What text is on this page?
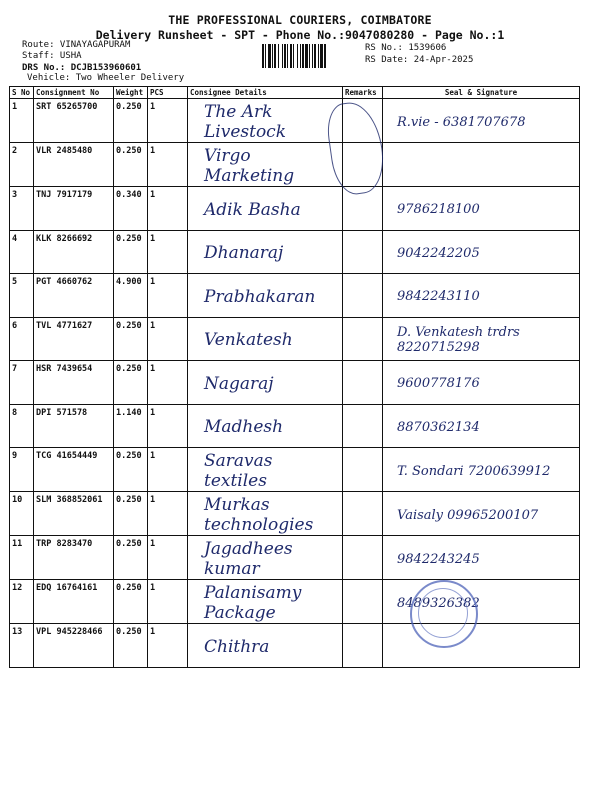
THE PROFESSIONAL COURIERS, COIMBATORE
Delivery Runsheet - SPT - Phone No.:9047080280 - Page No.:1
Route: VINAYAGAPURAM
Staff: USHA
DRS No.: DCJB153960601
Vehicle: Two Wheeler Delivery
RS No.: 1539606
RS Date: 24-Apr-2025
S No	Consignment No	Weight	PCS	Consignee Details	Remarks	Seal & Signature
1	SRT 65265700	0.250	1	The Ark Livestock		R.vie - 6381707678
2	VLR 2485480	0.250	1	Virgo Marketing		
3	TNJ 7917179	0.340	1	Adik Basha		9786218100
4	KLK 8266692	0.250	1	Dhanaraj		9042242205
5	PGT 4660762	4.900	1	Prabhakaran		9842243110
6	TVL 4771627	0.250	1	Venkatesh		D. Venkatesh trdrs 8220715298
7	HSR 7439654	0.250	1	Nagaraj		9600778176
8	DPI 571578	1.140	1	Madhesh		8870362134
9	TCG 41654449	0.250	1	Saravas textiles		T. Sondari 7200639912
10	SLM 368852061	0.250	1	Murkas technologies		Vaisaly 09965200107
11	TRP 8283470	0.250	1	Jagadhees kumar		9842243245
12	EDQ 16764161	0.250	1	Palanisamy Package		8489326382
13	VPL 945228466	0.250	1	Chithra		
